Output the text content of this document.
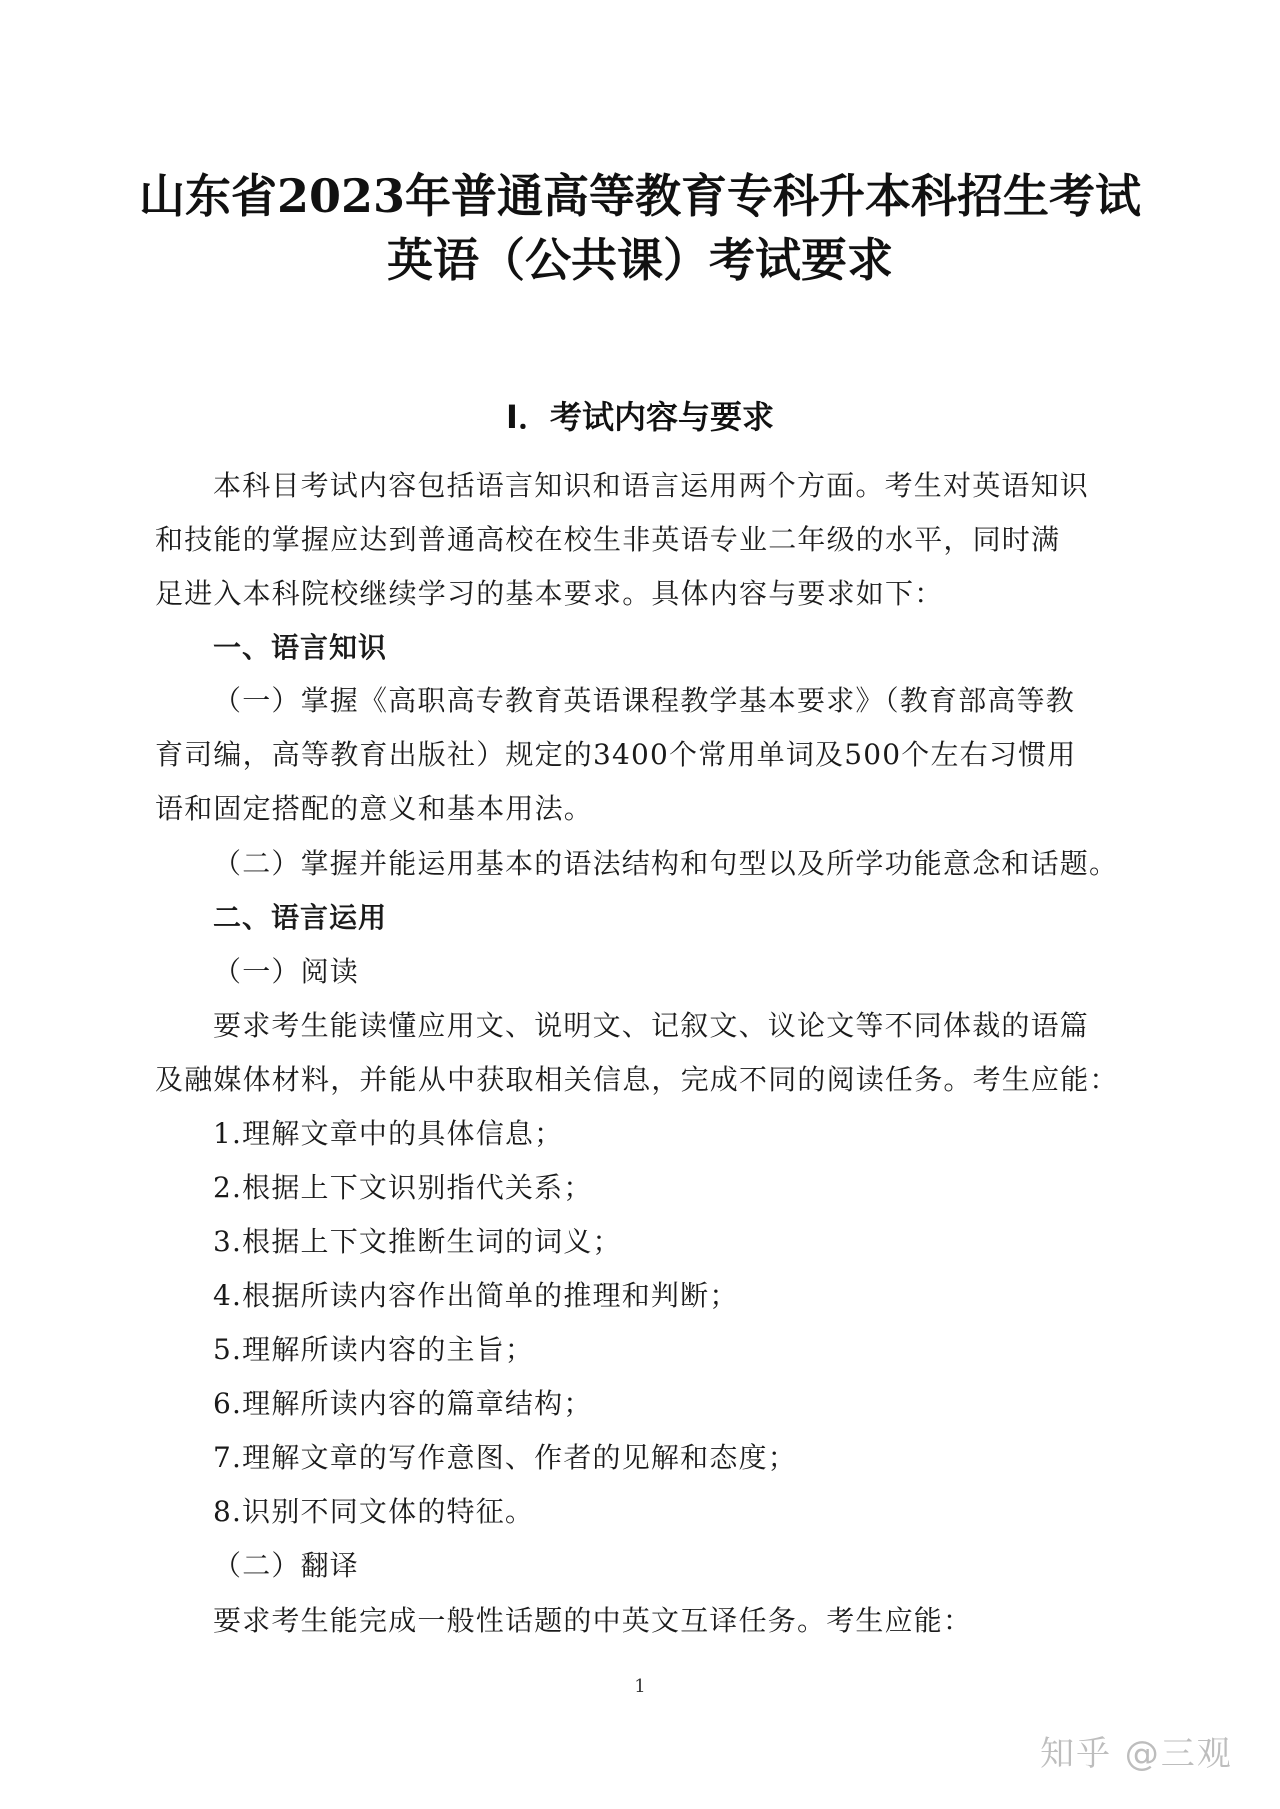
山东省2023年普通高等教育专科升本科招生考试
英语（公共课）考试要求
I．考试内容与要求
本科目考试内容包括语言知识和语言运用两个方面。考生对英语知识
和技能的掌握应达到普通高校在校生非英语专业二年级的水平，同时满
足进入本科院校继续学习的基本要求。具体内容与要求如下：
一、语言知识
（一）掌握《高职高专教育英语课程教学基本要求》（教育部高等教
育司编，高等教育出版社）规定的3400个常用单词及500个左右习惯用
语和固定搭配的意义和基本用法。
（二）掌握并能运用基本的语法结构和句型以及所学功能意念和话题。
二、语言运用
（一）阅读
要求考生能读懂应用文、说明文、记叙文、议论文等不同体裁的语篇
及融媒体材料，并能从中获取相关信息，完成不同的阅读任务。考生应能：
1.理解文章中的具体信息；
2.根据上下文识别指代关系；
3.根据上下文推断生词的词义；
4.根据所读内容作出简单的推理和判断；
5.理解所读内容的主旨；
6.理解所读内容的篇章结构；
7.理解文章的写作意图、作者的见解和态度；
8.识别不同文体的特征。
（二）翻译
要求考生能完成一般性话题的中英文互译任务。考生应能：
1
知乎 @三观
